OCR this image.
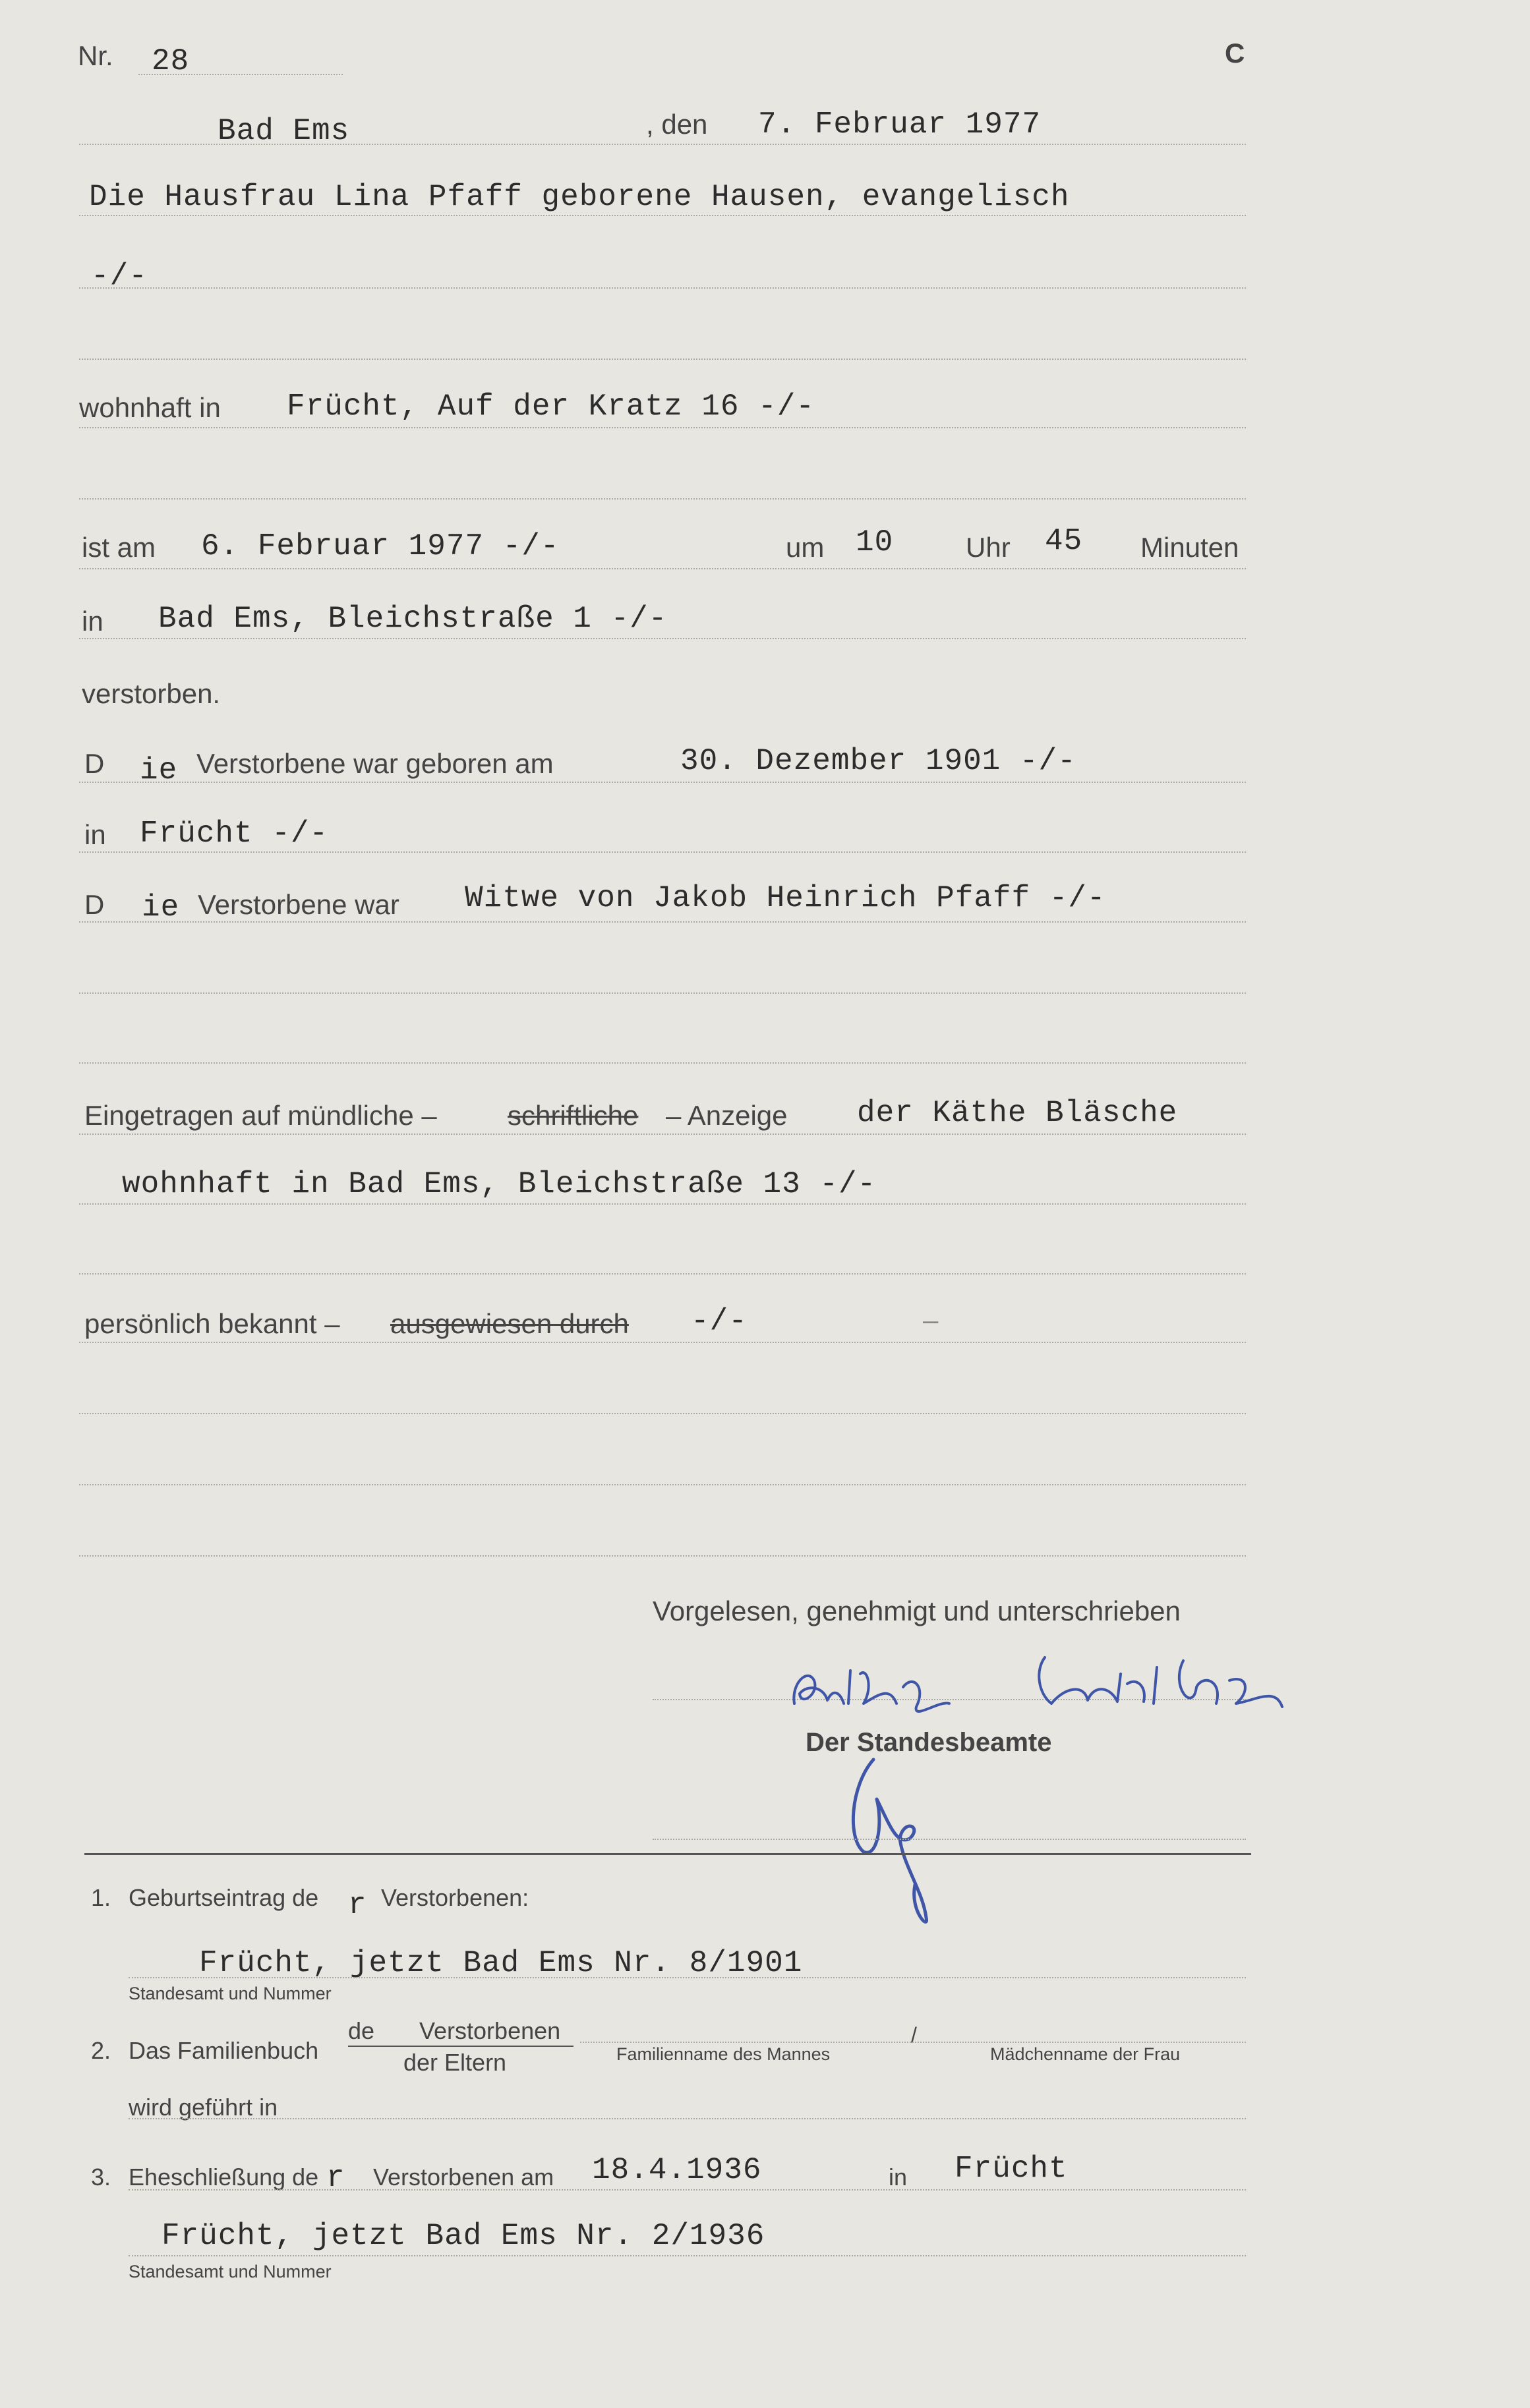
Nr. 28	C
Bad Ems	, den 7. Februar 1977
Die Hausfrau Lina Pfaff geborene Hausen, evangelisch
-/-
wohnhaft in Frücht, Auf der Kratz 16 -/-
ist am 6. Februar 1977 -/-	um 10	Uhr 45 Minuten
in Bad Ems, Bleichstraße 1 -/-
verstorben.
D ie Verstorbene war geboren am	30. Dezember 1901 -/-
in Frücht -/-
D ie Verstorbene war Witwe von Jakob Heinrich Pfaff -/-
Eingetragen auf mündliche –	schriftliche – Anzeige der Käthe Bläsche
wohnhaft in Bad Ems, Bleichstraße 13 -/-
persönlich bekannt – ausgewiesen durch -/-	–
Vorgelesen, genehmigt und unterschrieben
Der Standesbeamte
1. Geburtseintrag de r Verstorbenen:
Frücht, jetzt Bad Ems Nr. 8/1901
Standesamt und Nummer
2. Das Familienbuch
de Verstorbenen
der Eltern	Familienname des Mannes
/
Mädchenname der Frau
wird geführt in
3. Eheschließung de r Verstorbenen am 18.4.1936	in Frücht
Frücht, jetzt Bad Ems Nr. 2/1936
Standesamt und Nummer
